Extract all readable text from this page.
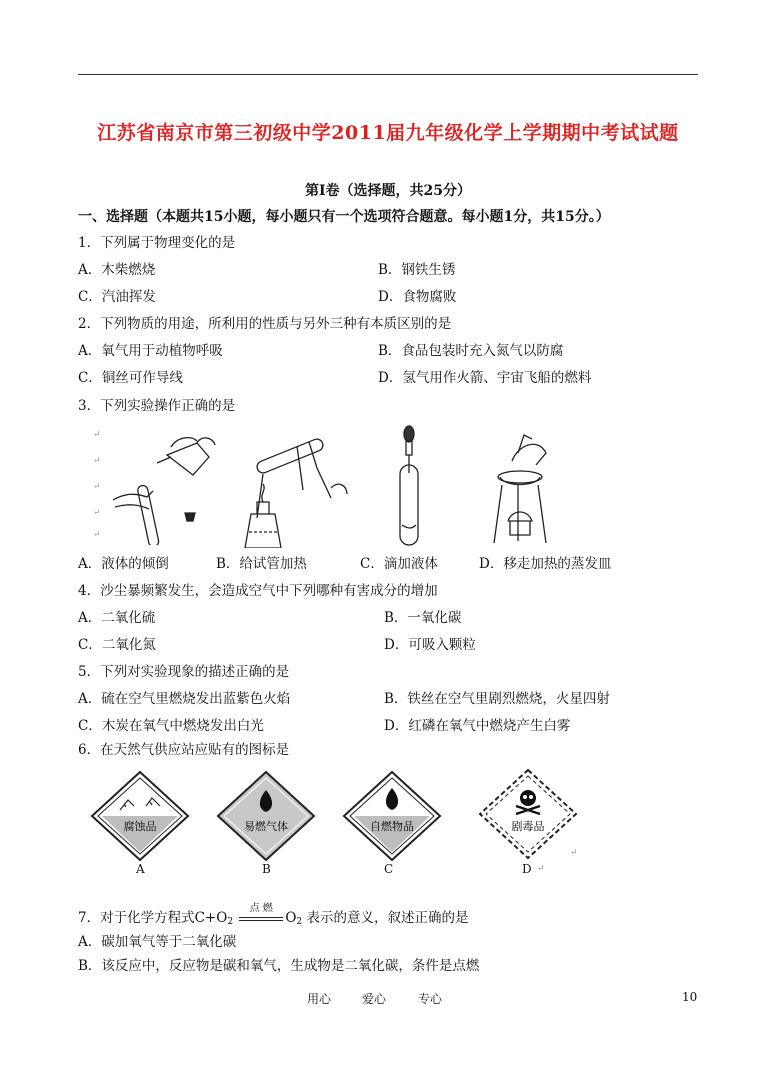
江苏省南京市第三初级中学2011届九年级化学上学期期中考试试题
第Ⅰ卷（选择题，共25分）
一、选择题（本题共15小题，每小题只有一个选项符合题意。每小题1分，共15分。）
1．下列属于物理变化的是
A．木柴燃烧	B．钢铁生锈
C．汽油挥发	D．食物腐败
2．下列物质的用途，所利用的性质与另外三种有本质区别的是
A．氧气用于动植物呼吸	B．食品包装时充入氮气以防腐
C．铜丝可作导线	D．氢气用作火箭、宇宙飞船的燃料
3．下列实验操作正确的是
↵
↵
↵
↵
↵
A．液体的倾倒	B．给试管加热	C．滴加液体	D．移走加热的蒸发皿
4．沙尘暴频繁发生，会造成空气中下列哪种有害成分的增加
A．二氧化硫	B．一氧化碳
C．二氧化氮	D．可吸入颗粒
5．下列对实验现象的描述正确的是
A．硫在空气里燃烧发出蓝紫色火焰	B．铁丝在空气里剧烈燃烧，火星四射
C．木炭在氧气中燃烧发出白光	D．红磷在氧气中燃烧产生白雾
6．在天然气供应站应贴有的图标是
腐蚀品
A
易燃气体
B
自燃物品
C
剧毒品
D ↵
↵
7．对于化学方程式$C+O_2$
点 燃
$O_2$ 表示的意义，叙述正确的是
A．碳加氧气等于二氧化碳
B．该反应中，反应物是碳和氧气，生成物是二氧化碳，条件是点燃
用心	爱心	专心	10
